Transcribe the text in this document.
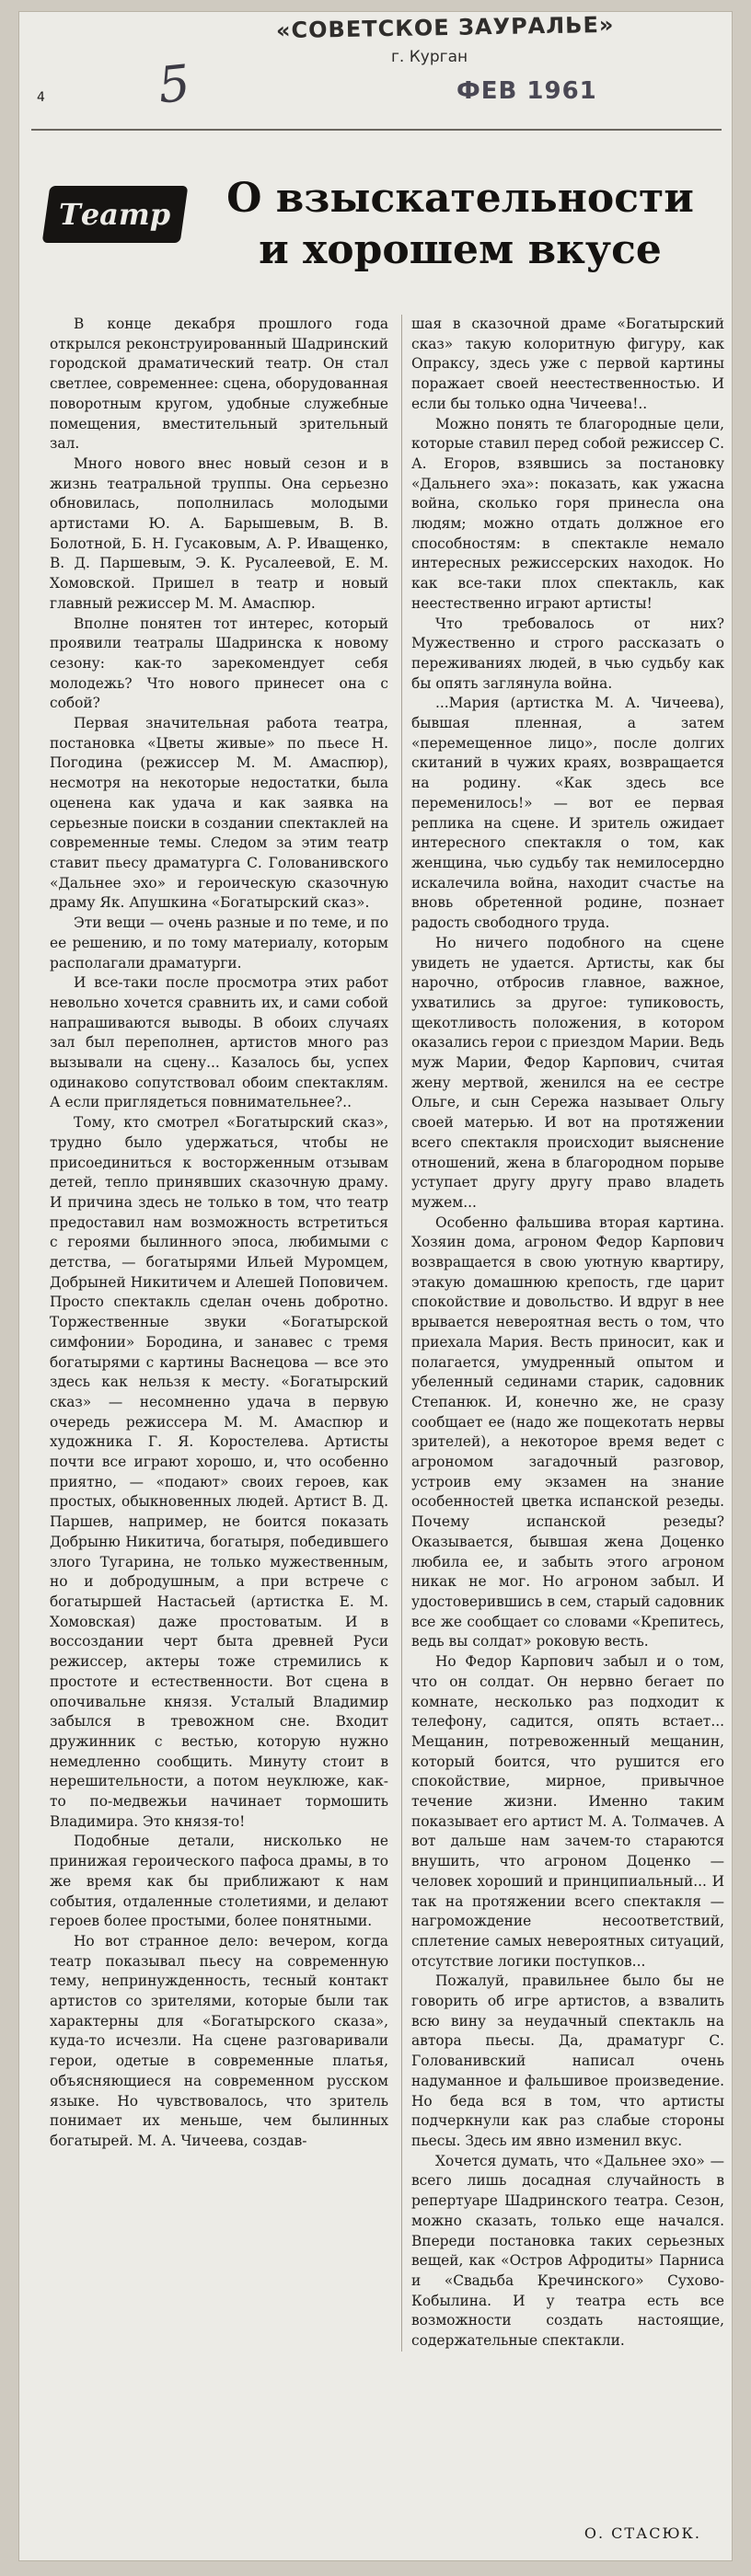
«СОВЕТСКОЕ ЗАУРАЛЬЕ»
г. Курган
4 5	ФЕВ 1961
Театр	О взыскательности
и хорошем вкусе

В конце декабря прошлого года открылся реконструированный Шадринский городской драматический театр. Он стал светлее, современнее: сцена, оборудованная поворотным кругом, удобные служебные помещения, вместительный зрительный зал.

Много нового внес новый сезон и в жизнь театральной труппы. Она серьезно обновилась, пополнилась молодыми артистами Ю. А. Барышевым, В. В. Болотной, Б. Н. Гусаковым, А. Р. Иващенко, В. Д. Паршевым, Э. К. Русалеевой, Е. М. Хомовской. Пришел в театр и новый главный режиссер М. М. Амаспюр.

Вполне понятен тот интерес, который проявили театралы Шадринска к новому сезону: как-то зарекомендует себя молодежь? Что нового принесет она с собой?

Первая значительная работа театра, постановка «Цветы живые» по пьесе Н. Погодина (режиссер М. М. Амаспюр), несмотря на некоторые недостатки, была оценена как удача и как заявка на серьезные поиски в создании спектаклей на современные темы. Следом за этим театр ставит пьесу драматурга С. Голованивского «Дальнее эхо» и героическую сказочную драму Як. Апушкина «Богатырский сказ».

Эти вещи — очень разные и по теме, и по ее решению, и по тому материалу, которым располагали драматурги.

И все-таки после просмотра этих работ невольно хочется сравнить их, и сами собой напрашиваются выводы. В обоих случаях зал был переполнен, артистов много раз вызывали на сцену... Казалось бы, успех одинаково сопутствовал обоим спектаклям. А если приглядеться повнимательнее?..

Тому, кто смотрел «Богатырский сказ», трудно было удержаться, чтобы не присоединиться к восторженным отзывам детей, тепло принявших сказочную драму. И причина здесь не только в том, что театр предоставил нам возможность встретиться с героями былинного эпоса, любимыми с детства, — богатырями Ильей Муромцем, Добрыней Никитичем и Алешей Поповичем. Просто спектакль сделан очень добротно. Торжественные звуки «Богатырской симфонии» Бородина, и занавес с тремя богатырями с картины Васнецова — все это здесь как нельзя к месту. «Богатырский сказ» — несомненно удача в первую очередь режиссера М. М. Амаспюр и художника Г. Я. Коростелева. Артисты почти все играют хорошо, и, что особенно приятно, — «подают» своих героев, как простых, обыкновенных людей. Артист В. Д. Паршев, например, не боится показать Добрыню Никитича, богатыря, победившего злого Тугарина, не только мужественным, но и добродушным, а при встрече с богатыршей Настасьей (артистка Е. М. Хомовская) даже простоватым. И в воссоздании черт быта древней Руси режиссер, актеры тоже стремились к простоте и естественности. Вот сцена в опочивальне князя. Усталый Владимир забылся в тревожном сне. Входит дружинник с вестью, которую нужно немедленно сообщить. Минуту стоит в нерешительности, а потом неуклюже, как-то по-медвежьи начинает тормошить Владимира. Это князя-то!

Подобные детали, нисколько не принижая героического пафоса драмы, в то же время как бы приближают к нам события, отдаленные столетиями, и делают героев более простыми, более понятными.

Но вот странное дело: вечером, когда театр показывал пьесу на современную тему, непринужденность, тесный контакт артистов со зрителями, которые были так характерны для «Богатырского сказа», куда-то исчезли. На сцене разговаривали герои, одетые в современные платья, объясняющиеся на современном русском языке. Но чувствовалось, что зритель понимает их меньше, чем былинных богатырей. М. А. Чичеева, создав-

шая в сказочной драме «Богатырский сказ» такую колоритную фигуру, как Опраксу, здесь уже с первой картины поражает своей неестественностью. И если бы только одна Чичеева!..

Можно понять те благородные цели, которые ставил перед собой режиссер С. А. Егоров, взявшись за постановку «Дальнего эха»: показать, как ужасна война, сколько горя принесла она людям; можно отдать должное его способностям: в спектакле немало интересных режиссерских находок. Но как все-таки плох спектакль, как неестественно играют артисты!

Что требовалось от них? Мужественно и строго рассказать о переживаниях людей, в чью судьбу как бы опять заглянула война.

...Мария (артистка М. А. Чичеева), бывшая пленная, а затем «перемещенное лицо», после долгих скитаний в чужих краях, возвращается на родину. «Как здесь все переменилось!» — вот ее первая реплика на сцене. И зритель ожидает интересного спектакля о том, как женщина, чью судьбу так немилосердно искалечила война, находит счастье на вновь обретенной родине, познает радость свободного труда.

Но ничего подобного на сцене увидеть не удается. Артисты, как бы нарочно, отбросив главное, важное, ухватились за другое: тупиковость, щекотливость положения, в котором оказались герои с приездом Марии. Ведь муж Марии, Федор Карпович, считая жену мертвой, женился на ее сестре Ольге, и сын Сережа называет Ольгу своей матерью. И вот на протяжении всего спектакля происходит выяснение отношений, жена в благородном порыве уступает другу другу право владеть мужем...

Особенно фальшива вторая картина. Хозяин дома, агроном Федор Карпович возвращается в свою уютную квартиру, этакую домашнюю крепость, где царит спокойствие и довольство. И вдруг в нее врывается невероятная весть о том, что приехала Мария. Весть приносит, как и полагается, умудренный опытом и убеленный сединами старик, садовник Степанюк. И, конечно же, не сразу сообщает ее (надо же пощекотать нервы зрителей), а некоторое время ведет с агрономом загадочный разговор, устроив ему экзамен на знание особенностей цветка испанской резеды. Почему испанской резеды? Оказывается, бывшая жена Доценко любила ее, и забыть этого агроном никак не мог. Но агроном забыл. И удостоверившись в сем, старый садовник все же сообщает со словами «Крепитесь, ведь вы солдат» роковую весть.

Но Федор Карпович забыл и о том, что он солдат. Он нервно бегает по комнате, несколько раз подходит к телефону, садится, опять встает... Мещанин, потревоженный мещанин, который боится, что рушится его спокойствие, мирное, привычное течение жизни. Именно таким показывает его артист М. А. Толмачев. А вот дальше нам зачем-то стараются внушить, что агроном Доценко — человек хороший и принципиальный... И так на протяжении всего спектакля — нагромождение несоответствий, сплетение самых невероятных ситуаций, отсутствие логики поступков...

Пожалуй, правильнее было бы не говорить об игре артистов, а взвалить всю вину за неудачный спектакль на автора пьесы. Да, драматург С. Голованивский написал очень надуманное и фальшивое произведение. Но беда вся в том, что артисты подчеркнули как раз слабые стороны пьесы. Здесь им явно изменил вкус.

Хочется думать, что «Дальнее эхо» — всего лишь досадная случайность в репертуаре Шадринского театра. Сезон, можно сказать, только еще начался. Впереди постановка таких серьезных вещей, как «Остров Афродиты» Парниса и «Свадьба Кречинского» Сухово-Кобылина. И у театра есть все возможности создать настоящие, содержательные спектакли.

О. СТАСЮК.
